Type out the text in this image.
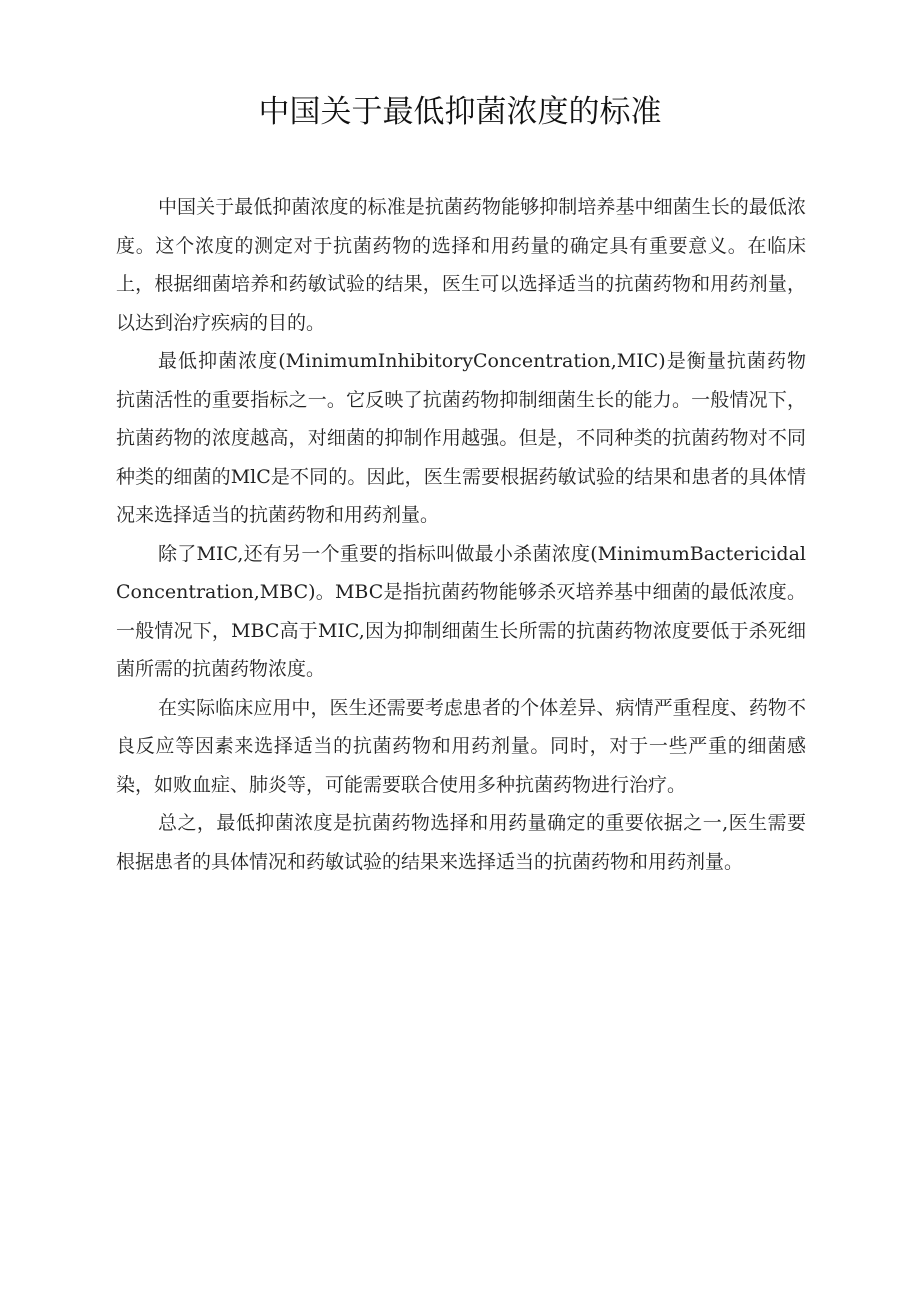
中国关于最低抑菌浓度的标准

中国关于最低抑菌浓度的标准是抗菌药物能够抑制培养基中细菌生长的最低浓度。这个浓度的测定对于抗菌药物的选择和用药量的确定具有重要意义。在临床上，根据细菌培养和药敏试验的结果，医生可以选择适当的抗菌药物和用药剂量，以达到治疗疾病的目的。

最低抑菌浓度(MinimumInhibitoryConcentration,MIC)是衡量抗菌药物抗菌活性的重要指标之一。它反映了抗菌药物抑制细菌生长的能力。一般情况下，抗菌药物的浓度越高，对细菌的抑制作用越强。但是，不同种类的抗菌药物对不同种类的细菌的MlC是不同的。因此，医生需要根据药敏试验的结果和患者的具体情况来选择适当的抗菌药物和用药剂量。

除了MIC,还有另一个重要的指标叫做最小杀菌浓度(MinimumBactericidalConcentration,MBC)。MBC是指抗菌药物能够杀灭培养基中细菌的最低浓度。一般情况下，MBC高于MIC,因为抑制细菌生长所需的抗菌药物浓度要低于杀死细菌所需的抗菌药物浓度。

在实际临床应用中，医生还需要考虑患者的个体差异、病情严重程度、药物不良反应等因素来选择适当的抗菌药物和用药剂量。同时，对于一些严重的细菌感染，如败血症、肺炎等，可能需要联合使用多种抗菌药物进行治疗。

总之，最低抑菌浓度是抗菌药物选择和用药量确定的重要依据之一,医生需要根据患者的具体情况和药敏试验的结果来选择适当的抗菌药物和用药剂量。
